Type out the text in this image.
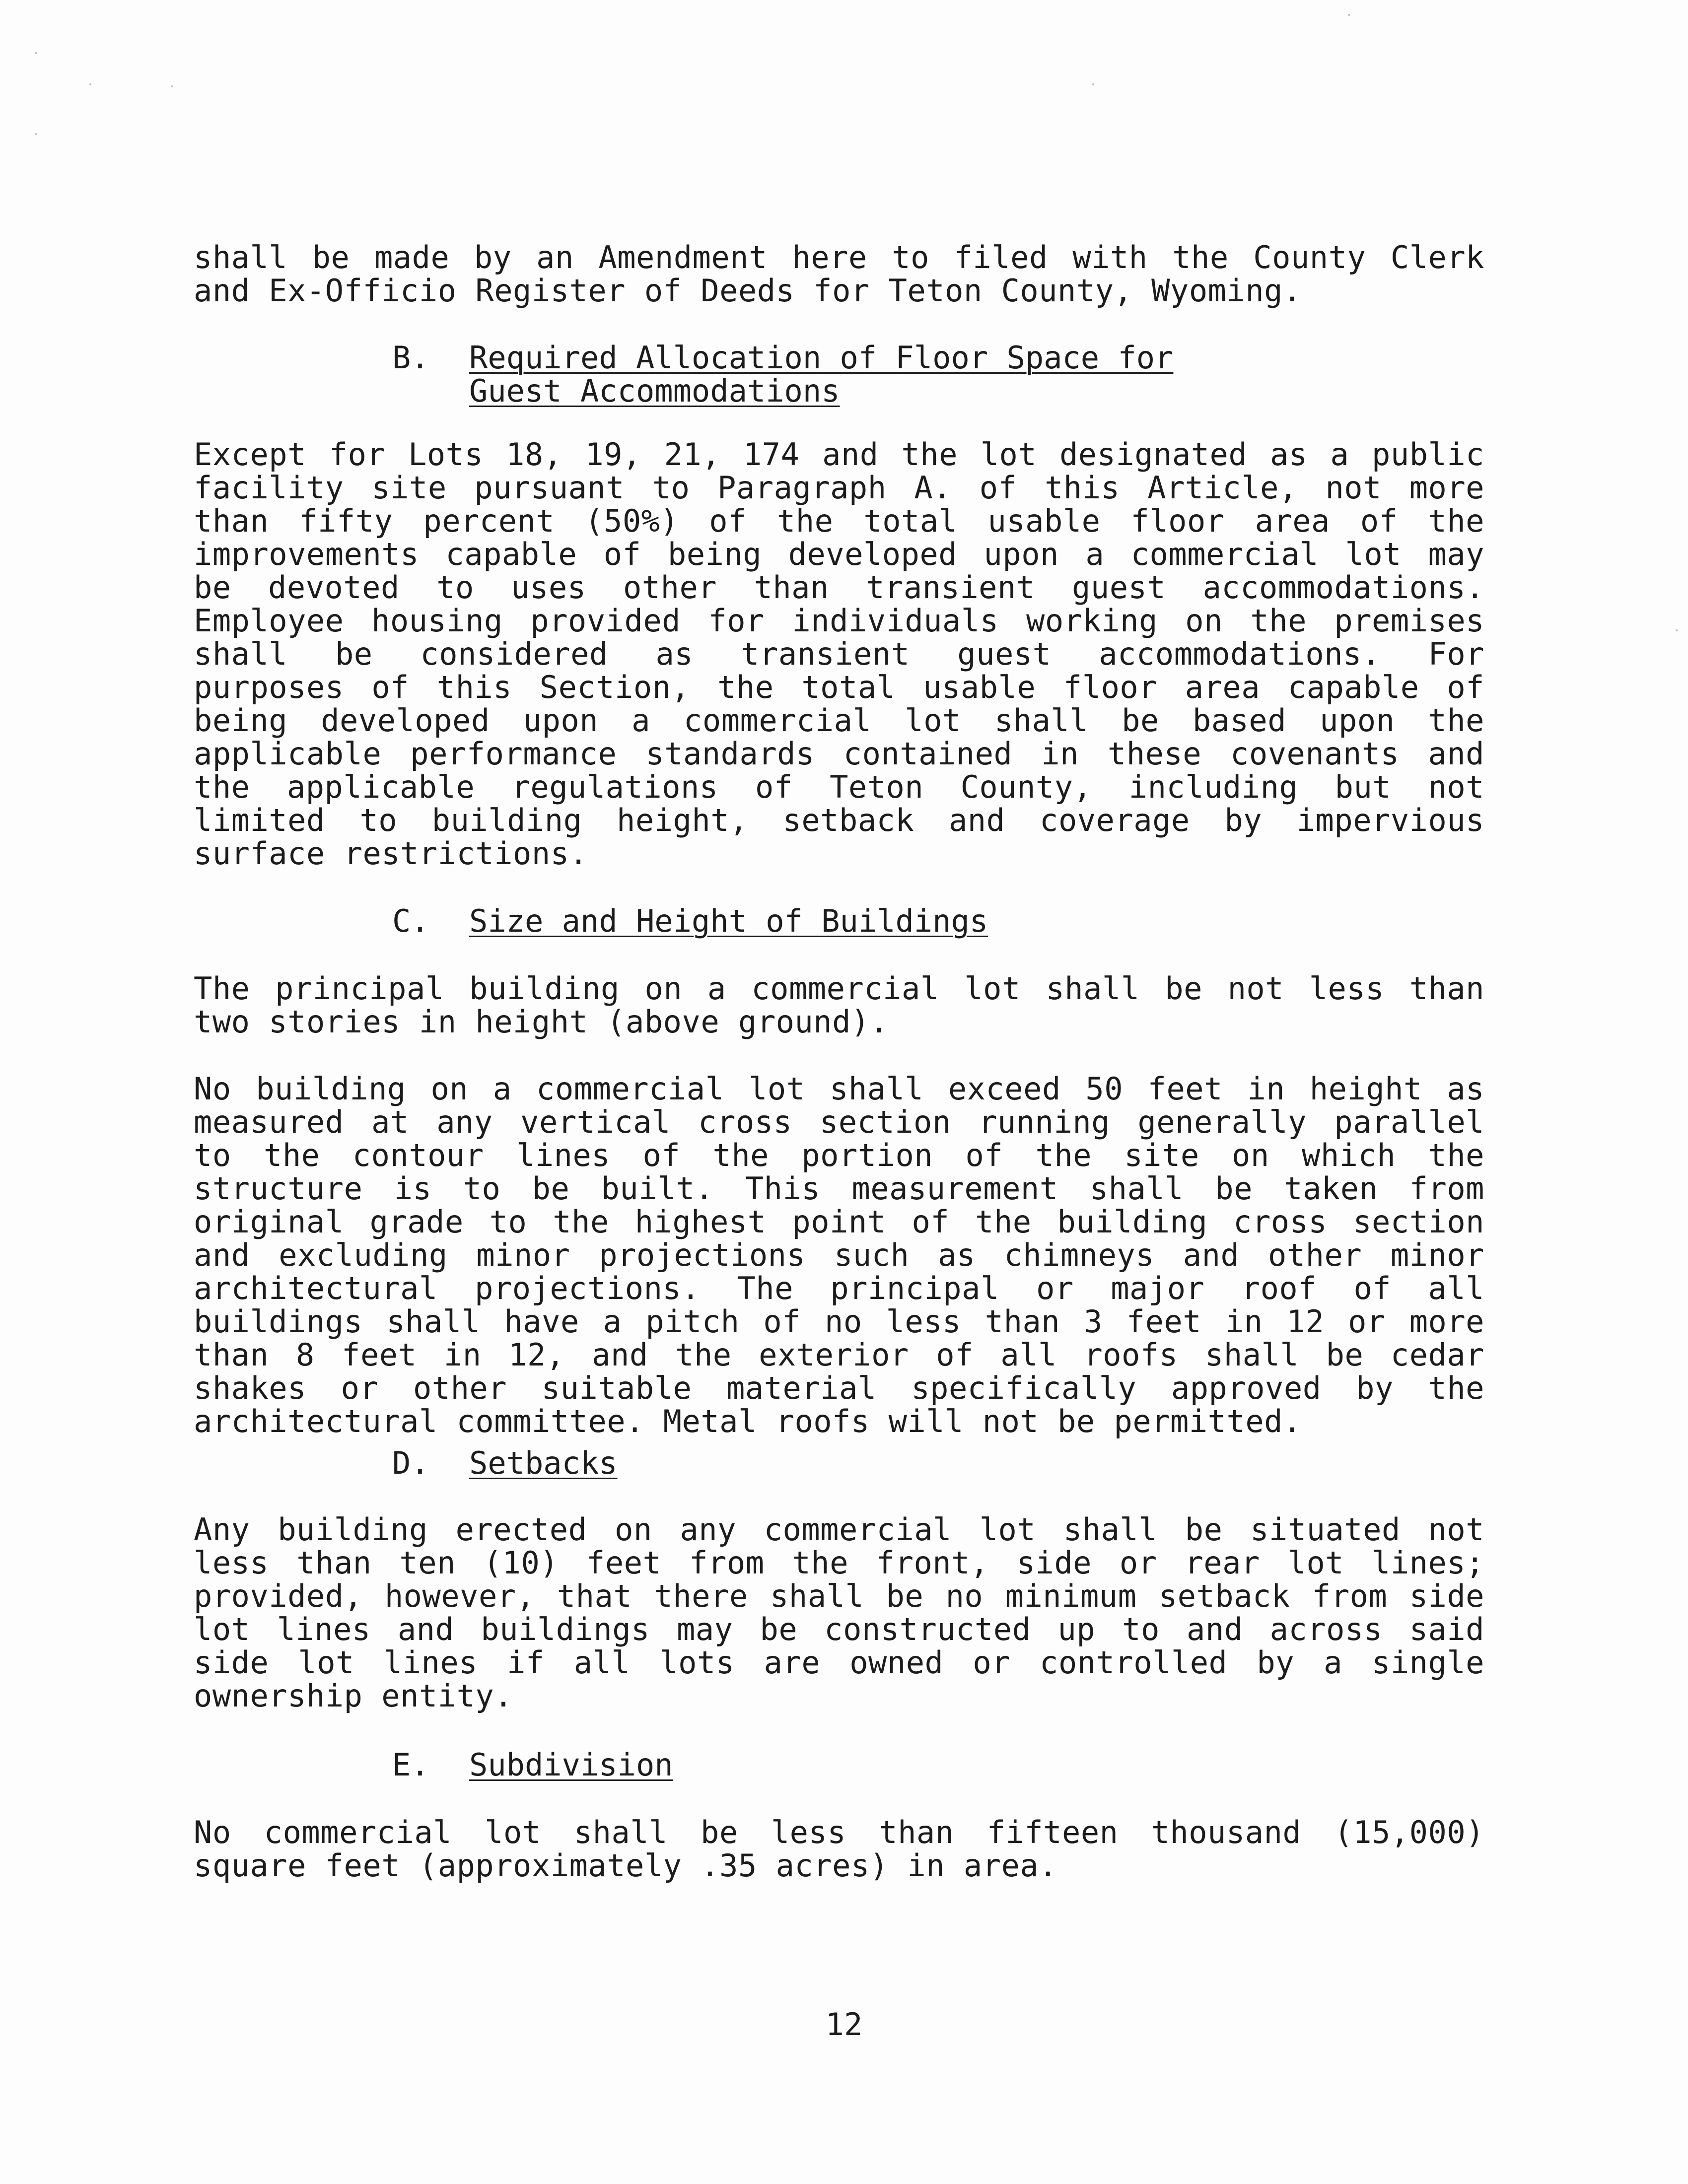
shall be made by an Amendment here to filed with the County Clerk
and Ex-Officio Register of Deeds for Teton County, Wyoming.

B. Required Allocation of Floor Space for
Guest Accommodations

Except for Lots 18, 19, 21, 174 and the lot designated as a public
facility site pursuant to Paragraph A. of this Article, not more
than fifty percent (50%) of the total usable floor area of the
improvements capable of being developed upon a commercial lot may
be devoted to uses other than transient guest accommodations.
Employee housing provided for individuals working on the premises
shall be considered as transient guest accommodations. For
purposes of this Section, the total usable floor area capable of
being developed upon a commercial lot shall be based upon the
applicable performance standards contained in these covenants and
the applicable regulations of Teton County, including but not
limited to building height, setback and coverage by impervious
surface restrictions.

C. Size and Height of Buildings

The principal building on a commercial lot shall be not less than
two stories in height (above ground).

No building on a commercial lot shall exceed 50 feet in height as
measured at any vertical cross section running generally parallel
to the contour lines of the portion of the site on which the
structure is to be built. This measurement shall be taken from
original grade to the highest point of the building cross section
and excluding minor projections such as chimneys and other minor
architectural projections. The principal or major roof of all
buildings shall have a pitch of no less than 3 feet in 12 or more
than 8 feet in 12, and the exterior of all roofs shall be cedar
shakes or other suitable material specifically approved by the
architectural committee. Metal roofs will not be permitted.

D. Setbacks

Any building erected on any commercial lot shall be situated not
less than ten (10) feet from the front, side or rear lot lines;
provided, however, that there shall be no minimum setback from side
lot lines and buildings may be constructed up to and across said
side lot lines if all lots are owned or controlled by a single
ownership entity.

E. Subdivision

No commercial lot shall be less than fifteen thousand (15,000)
square feet (approximately .35 acres) in area.

12
